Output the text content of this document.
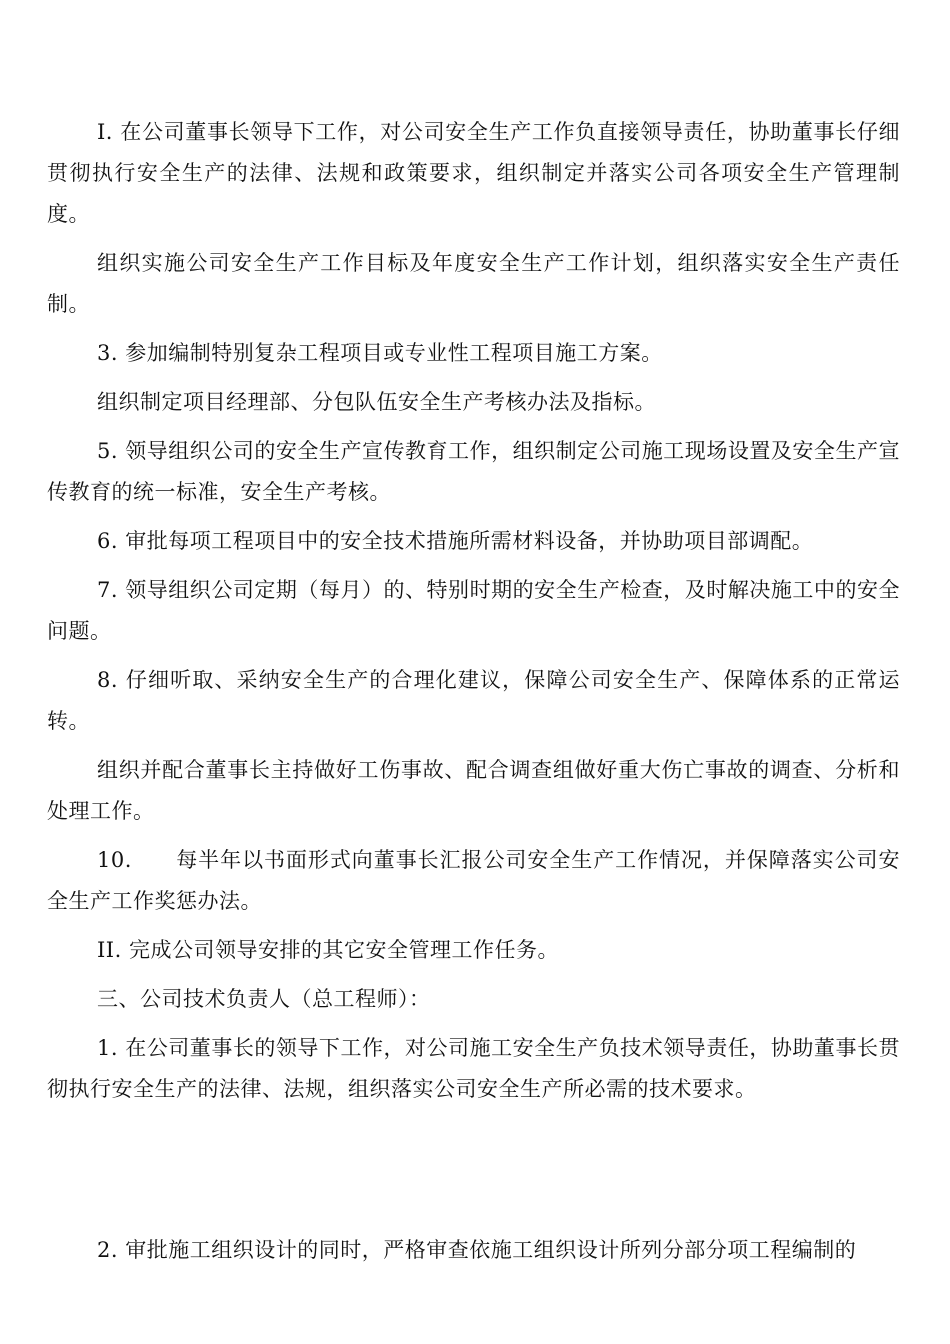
I. 在公司董事长领导下工作，对公司安全生产工作负直接领导责任，协助董事长仔细贯彻执行安全生产的法律、法规和政策要求，组织制定并落实公司各项安全生产管理制度。

组织实施公司安全生产工作目标及年度安全生产工作计划，组织落实安全生产责任制。

3. 参加编制特别复杂工程项目或专业性工程项目施工方案。

组织制定项目经理部、分包队伍安全生产考核办法及指标。

5. 领导组织公司的安全生产宣传教育工作，组织制定公司施工现场设置及安全生产宣传教育的统一标准，安全生产考核。

6. 审批每项工程项目中的安全技术措施所需材料设备，并协助项目部调配。

7. 领导组织公司定期（每月）的、特别时期的安全生产检查，及时解决施工中的安全问题。

8. 仔细听取、采纳安全生产的合理化建议，保障公司安全生产、保障体系的正常运转。

组织并配合董事长主持做好工伤事故、配合调查组做好重大伤亡事故的调查、分析和处理工作。

10.　　每半年以书面形式向董事长汇报公司安全生产工作情况，并保障落实公司安全生产工作奖惩办法。

II. 完成公司领导安排的其它安全管理工作任务。

三、公司技术负责人（总工程师）：

1. 在公司董事长的领导下工作，对公司施工安全生产负技术领导责任，协助董事长贯彻执行安全生产的法律、法规，组织落实公司安全生产所必需的技术要求。

2. 审批施工组织设计的同时，严格审查依施工组织设计所列分部分项工程编制的
